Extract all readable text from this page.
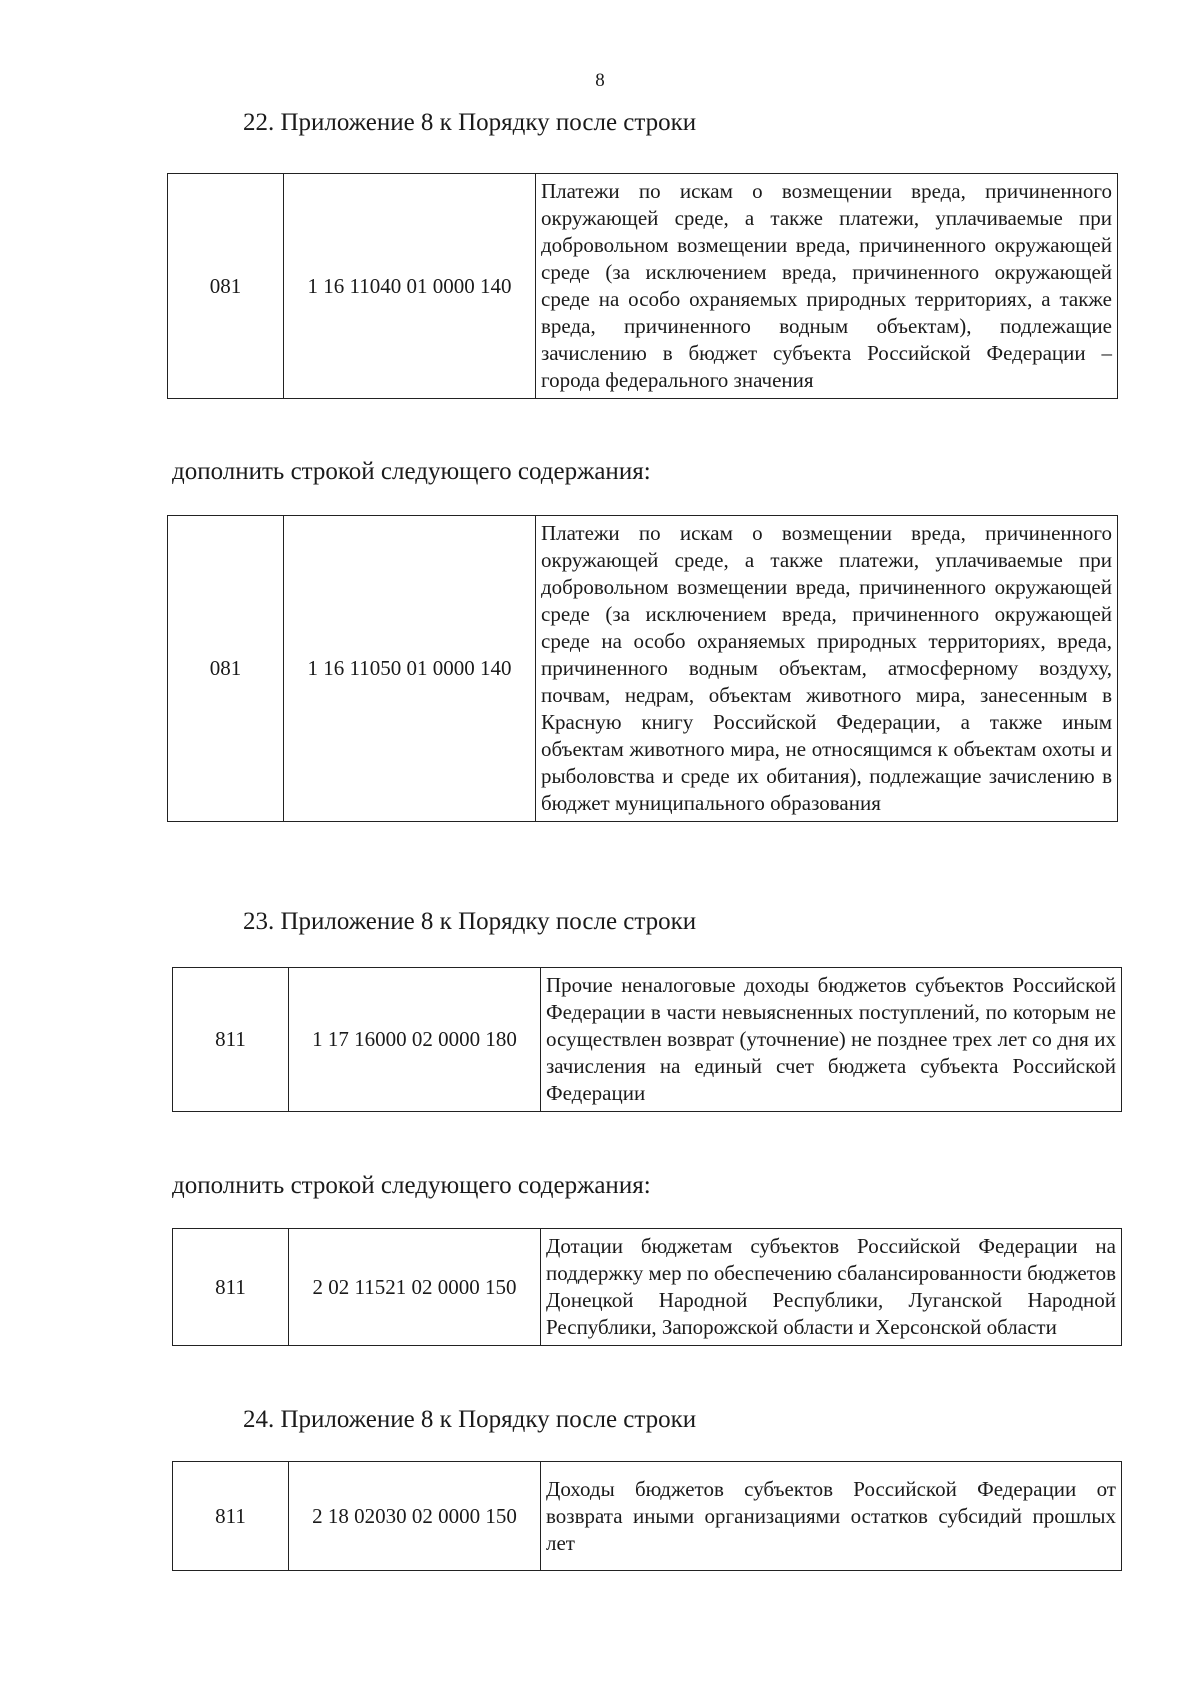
8
22. Приложение 8 к Порядку после строки
081	1 16 11040 01 0000 140	Платежи по искам о возмещении вреда, причиненного окружающей среде, а также платежи, уплачиваемые при добровольном возмещении вреда, причиненного окружающей среде (за исключением вреда, причиненного окружающей среде на особо охраняемых природных территориях, а также вреда, причиненного водным объектам), подлежащие зачислению в бюджет субъекта Российской Федерации – города федерального значения
дополнить строкой следующего содержания:
081	1 16 11050 01 0000 140	Платежи по искам о возмещении вреда, причиненного окружающей среде, а также платежи, уплачиваемые при добровольном возмещении вреда, причиненного окружающей среде (за исключением вреда, причиненного окружающей среде на особо охраняемых природных территориях, вреда, причиненного водным объектам, атмосферному воздуху, почвам, недрам, объектам животного мира, занесенным в Красную книгу Российской Федерации, а также иным объектам животного мира, не относящимся к объектам охоты и рыболовства и среде их обитания), подлежащие зачислению в бюджет муниципального образования
23. Приложение 8 к Порядку после строки
811	1 17 16000 02 0000 180	Прочие неналоговые доходы бюджетов субъектов Российской Федерации в части невыясненных поступлений, по которым не осуществлен возврат (уточнение) не позднее трех лет со дня их зачисления на единый счет бюджета субъекта Российской Федерации
дополнить строкой следующего содержания:
811	2 02 11521 02 0000 150	Дотации бюджетам субъектов Российской Федерации на поддержку мер по обеспечению сбалансированности бюджетов Донецкой Народной Республики, Луганской Народной Республики, Запорожской области и Херсонской области
24. Приложение 8 к Порядку после строки
811	2 18 02030 02 0000 150	Доходы бюджетов субъектов Российской Федерации от возврата иными организациями остатков субсидий прошлых лет
